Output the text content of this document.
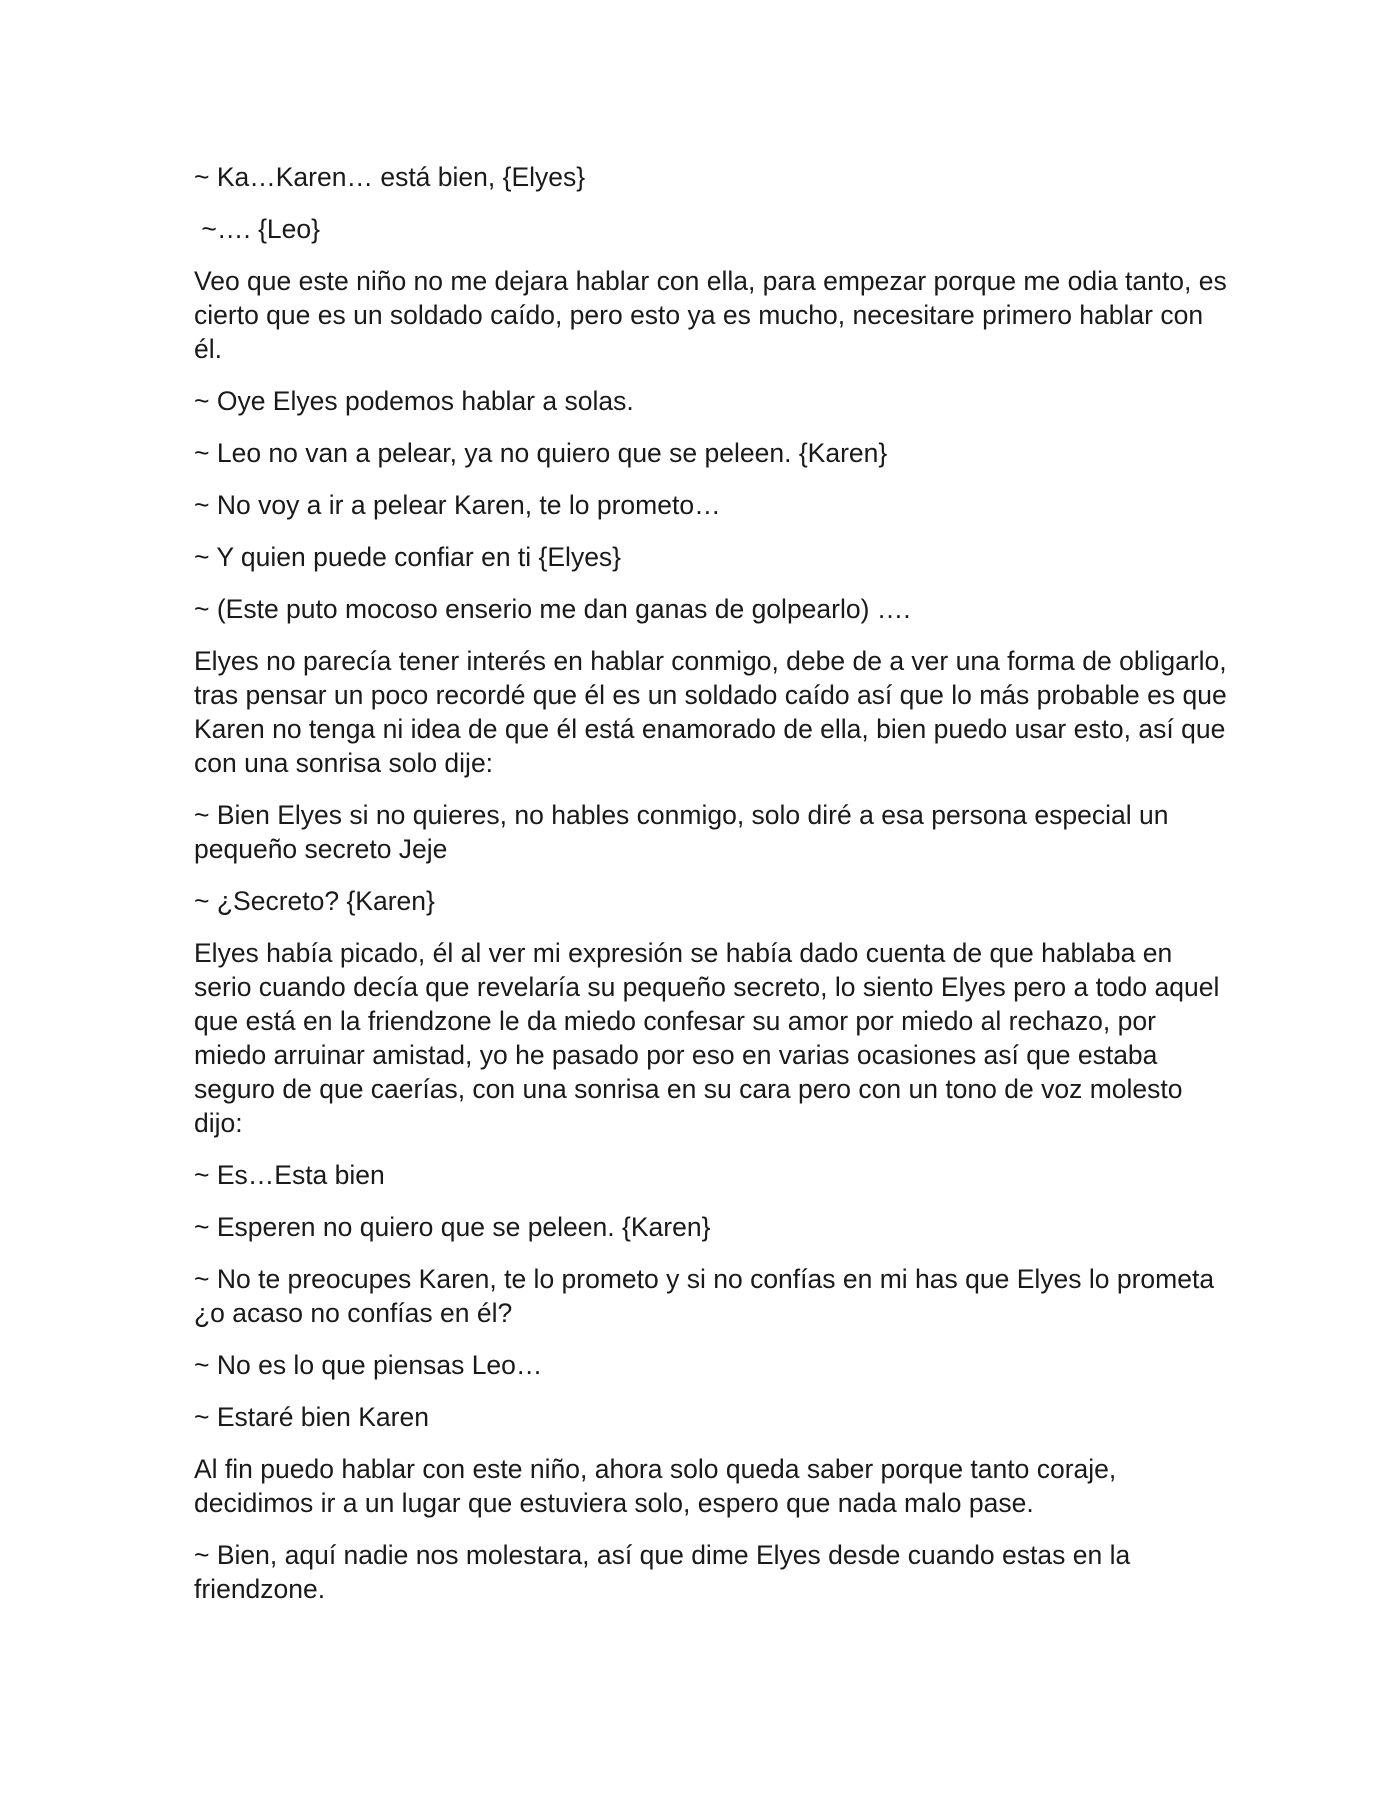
~ Ka…Karen… está bien, {Elyes}

~…. {Leo}

Veo que este niño no me dejara hablar con ella, para empezar porque me odia tanto, es cierto que es un soldado caído, pero esto ya es mucho, necesitare primero hablar con él.

~ Oye Elyes podemos hablar a solas.

~ Leo no van a pelear, ya no quiero que se peleen. {Karen}

~ No voy a ir a pelear Karen, te lo prometo…

~ Y quien puede confiar en ti {Elyes}

~ (Este puto mocoso enserio me dan ganas de golpearlo) ….

Elyes no parecía tener interés en hablar conmigo, debe de a ver una forma de obligarlo, tras pensar un poco recordé que él es un soldado caído así que lo más probable es que Karen no tenga ni idea de que él está enamorado de ella, bien puedo usar esto, así que con una sonrisa solo dije:

~ Bien Elyes si no quieres, no hables conmigo, solo diré a esa persona especial un pequeño secreto Jeje

~ ¿Secreto? {Karen}

Elyes había picado, él al ver mi expresión se había dado cuenta de que hablaba en serio cuando decía que revelaría su pequeño secreto, lo siento Elyes pero a todo aquel que está en la friendzone le da miedo confesar su amor por miedo al rechazo, por miedo arruinar amistad, yo he pasado por eso en varias ocasiones así que estaba seguro de que caerías, con una sonrisa en su cara pero con un tono de voz molesto dijo:

~ Es…Esta bien

~ Esperen no quiero que se peleen. {Karen}

~ No te preocupes Karen, te lo prometo y si no confías en mi has que Elyes lo prometa ¿o acaso no confías en él?

~ No es lo que piensas Leo…

~ Estaré bien Karen

Al fin puedo hablar con este niño, ahora solo queda saber porque tanto coraje, decidimos ir a un lugar que estuviera solo, espero que nada malo pase.

~ Bien, aquí nadie nos molestara, así que dime Elyes desde cuando estas en la friendzone.
